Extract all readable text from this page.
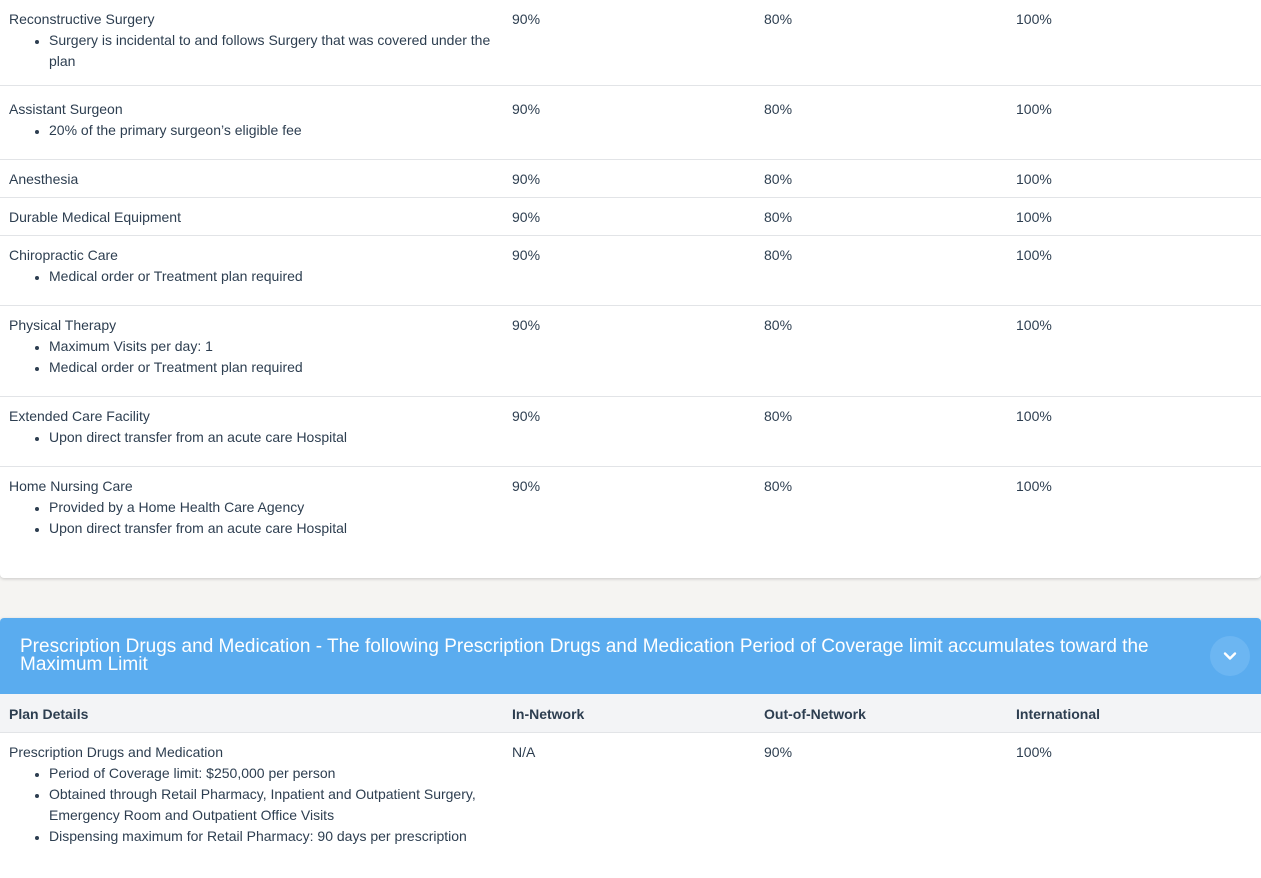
Reconstructive Surgery
• Surgery is incidental to and follows Surgery that was covered under the plan
90%	80%	100%
Assistant Surgeon
• 20% of the primary surgeon’s eligible fee
90%	80%	100%
Anesthesia	90%	80%	100%
Durable Medical Equipment	90%	80%	100%
Chiropractic Care
• Medical order or Treatment plan required
90%	80%	100%
Physical Therapy
• Maximum Visits per day: 1
• Medical order or Treatment plan required
90%	80%	100%
Extended Care Facility
• Upon direct transfer from an acute care Hospital
90%	80%	100%
Home Nursing Care
• Provided by a Home Health Care Agency
• Upon direct transfer from an acute care Hospital
90%	80%	100%
Prescription Drugs and Medication - The following Prescription Drugs and Medication Period of Coverage limit accumulates toward the Maximum Limit
Plan Details	In-Network	Out-of-Network	International
Prescription Drugs and Medication
• Period of Coverage limit: $250,000 per person
• Obtained through Retail Pharmacy, Inpatient and Outpatient Surgery, Emergency Room and Outpatient Office Visits
• Dispensing maximum for Retail Pharmacy: 90 days per prescription
N/A	90%	100%
